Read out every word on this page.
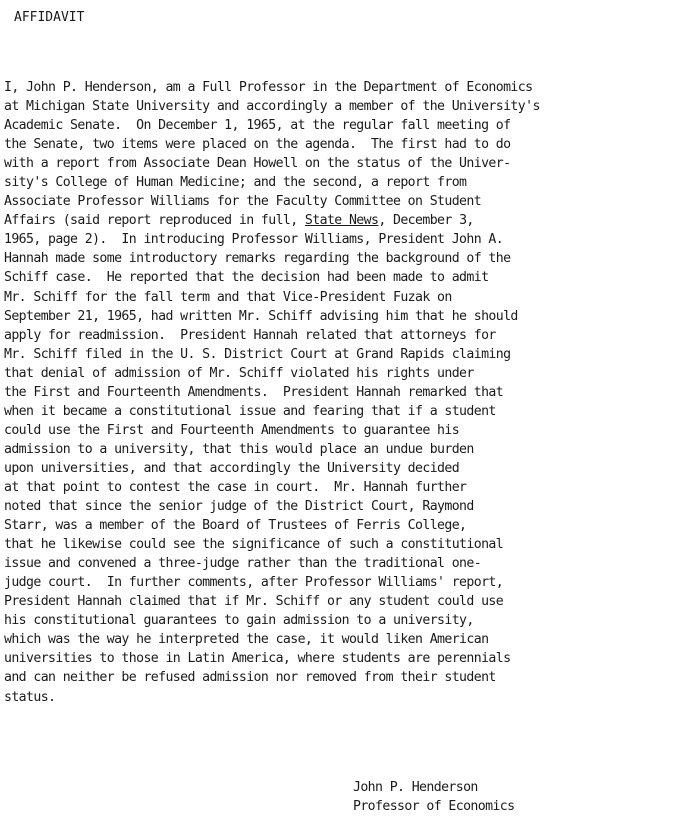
AFFIDAVIT
I, John P. Henderson, am a Full Professor in the Department of Economics
at Michigan State University and accordingly a member of the University's
Academic Senate.  On December 1, 1965, at the regular fall meeting of
the Senate, two items were placed on the agenda.  The first had to do
with a report from Associate Dean Howell on the status of the Univer-
sity's College of Human Medicine; and the second, a report from
Associate Professor Williams for the Faculty Committee on Student
Affairs (said report reproduced in full, State News, December 3,
1965, page 2).  In introducing Professor Williams, President John A.
Hannah made some introductory remarks regarding the background of the
Schiff case.  He reported that the decision had been made to admit
Mr. Schiff for the fall term and that Vice-President Fuzak on
September 21, 1965, had written Mr. Schiff advising him that he should
apply for readmission.  President Hannah related that attorneys for
Mr. Schiff filed in the U. S. District Court at Grand Rapids claiming
that denial of admission of Mr. Schiff violated his rights under
the First and Fourteenth Amendments.  President Hannah remarked that
when it became a constitutional issue and fearing that if a student
could use the First and Fourteenth Amendments to guarantee his
admission to a university, that this would place an undue burden
upon universities, and that accordingly the University decided
at that point to contest the case in court.  Mr. Hannah further
noted that since the senior judge of the District Court, Raymond
Starr, was a member of the Board of Trustees of Ferris College,
that he likewise could see the significance of such a constitutional
issue and convened a three-judge rather than the traditional one-
judge court.  In further comments, after Professor Williams' report,
President Hannah claimed that if Mr. Schiff or any student could use
his constitutional guarantees to gain admission to a university,
which was the way he interpreted the case, it would liken American
universities to those in Latin America, where students are perennials
and can neither be refused admission nor removed from their student
status.
John P. Henderson
Professor of Economics
